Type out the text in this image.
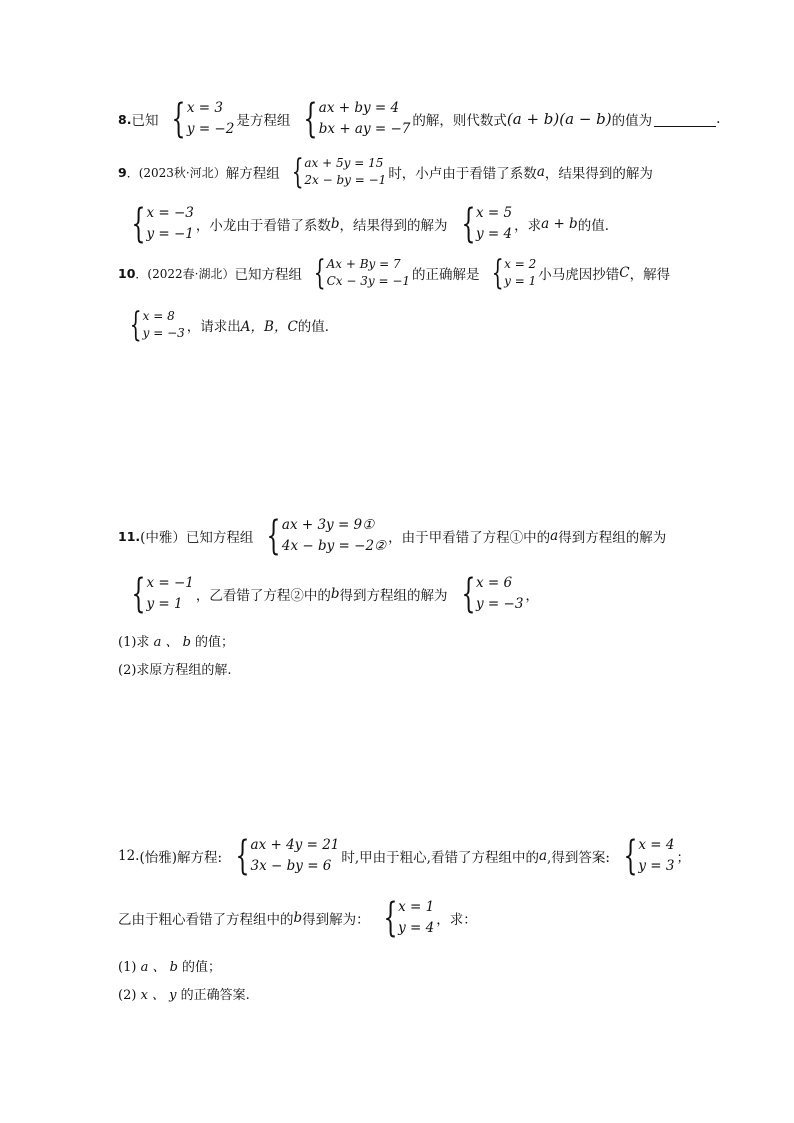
8. 已知 { x = 3
y = −2 是方程组 { ax + by = 4
bx + ay = −7 的解，则代数式 (a + b)(a − b) 的值为	.
9 ．(2023秋·河北） 解方程组 { ax + 5y = 15
2x − by = −1 时，小卢由于看错了系数 a ，结果得到的解为
{ x = −3
y = −1 ，小龙由于看错了系数 b ，结果得到的解为 { x = 5
y = 4 ，求 a + b 的值．
10 ．(2022春·湖北） 已知方程组 { Ax + By = 7
Cx − 3y = −1 的正确解是 { x = 2
y = 1 小马虎因抄错 C ，解得
{ x = 8
y = −3 ，请求出 A，B，C 的值．
11. (中雅）已知方程组 { ax + 3y = 9①
4x − by = −2② ，由于甲看错了方程①中的 a 得到方程组的解为
{ x = −1
y = 1 ，乙看错了方程②中的 b 得到方程组的解为 { x = 6
y = −3 ，
(1)求 a 、 b 的值；
(2)求原方程组的解.
12. (怡雅)解方程: { ax + 4y = 21
3x − by = 6 时,甲由于粗心,看错了方程组中的 a ,得到答案: { x = 4
y = 3 ；
乙由于粗心看错了方程组中的 b 得到解为： { x = 1
y = 4 ，求：
(1) a 、 b 的值；
(2) x 、 y 的正确答案.
